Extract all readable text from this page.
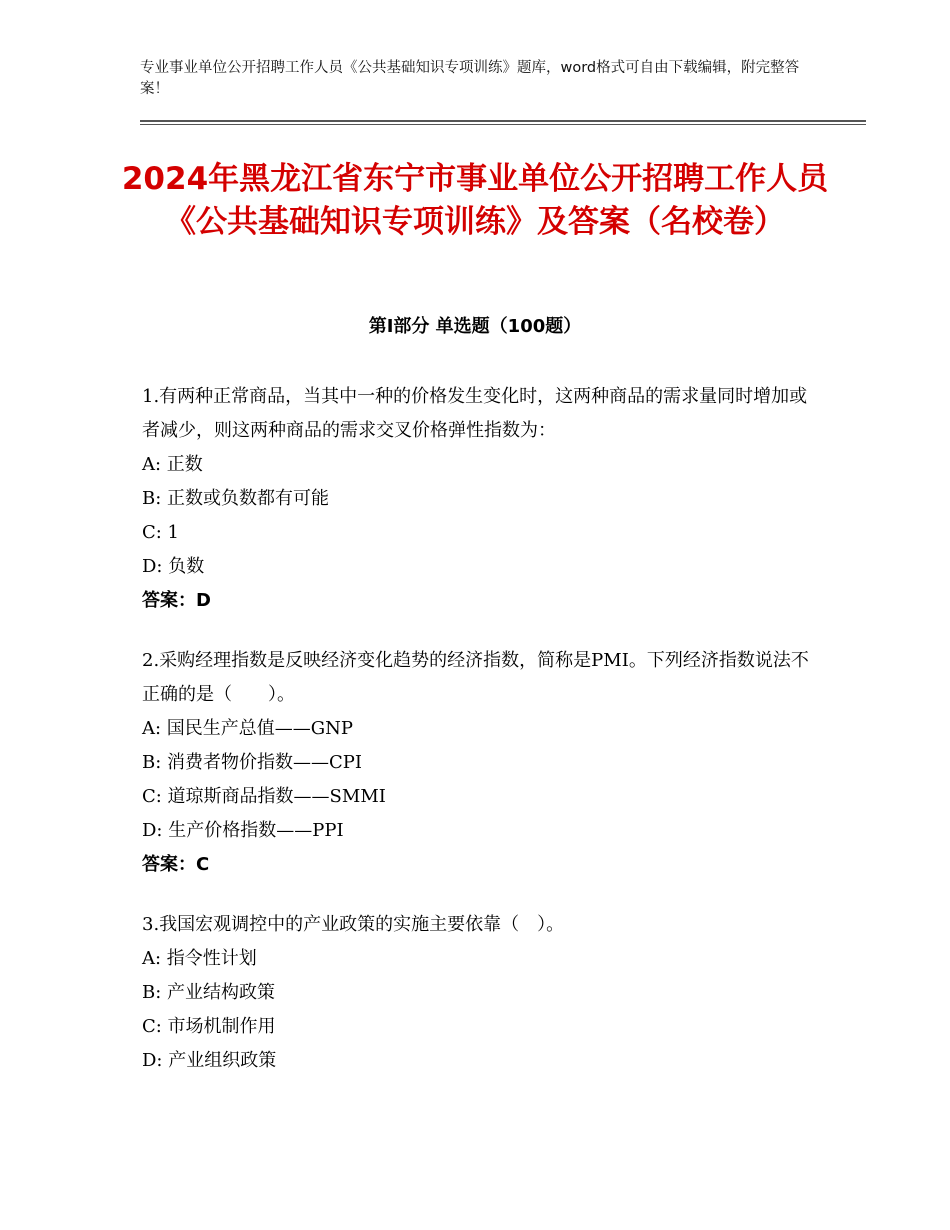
专业事业单位公开招聘工作人员《公共基础知识专项训练》题库，word格式可自由下载编辑，附完整答案！
2024年黑龙江省东宁市事业单位公开招聘工作人员《公共基础知识专项训练》及答案（名校卷）
第Ⅰ部分 单选题（100题）

1.有两种正常商品，当其中一种的价格发生变化时，这两种商品的需求量同时增加或者减少，则这两种商品的需求交叉价格弹性指数为：

A: 正数

B: 正数或负数都有可能

C: 1

D: 负数

答案：D

2.采购经理指数是反映经济变化趋势的经济指数，简称是PMI。下列经济指数说法不正确的是（　　）。

A: 国民生产总值——GNP

B: 消费者物价指数——CPI

C: 道琼斯商品指数——SMMI

D: 生产价格指数——PPI

答案：C

3.我国宏观调控中的产业政策的实施主要依靠（　）。

A: 指令性计划

B: 产业结构政策

C: 市场机制作用

D: 产业组织政策
